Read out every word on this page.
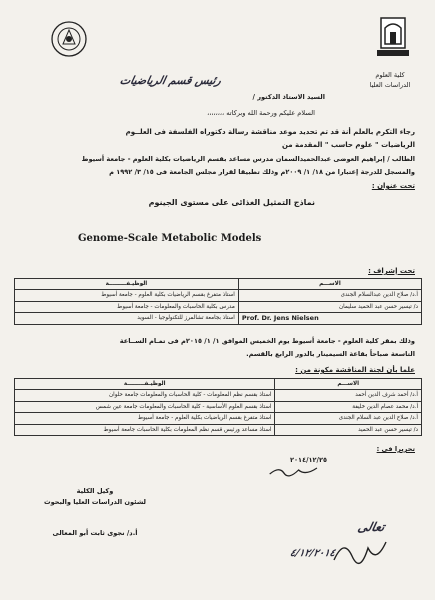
كلية العلوم
الدراسات العليا
السيد الاستاذ الدكتور /
رئيس قسم الرياضيات
السلام عليكم ورحمة الله وبركاته ،،،،،،،،
رجاء التكرم بالعلم أنة قد تم تحديد موعد مناقشة رسالة دكتوراه الفلسفة فى العلــوم
الرياضيات " علوم حاسب " المقدمة من
الطالب / إبراهيم العوضى عبدالحميدالسمان مدرس مساعد بقسم الرياضيات بكلية العلوم - جامعة أسيوط
والمسجل للدرجة إعتبارا من ١٨/ ١/ ٢٠٠٩م وذلك تطبيقا لقرار مجلس الجامعة فى ١٥/ ٣/ ١٩٩٢ م
تحت عنوان :
نماذج التمثيل الغذائى على مستوى الجينوم
Genome-Scale Metabolic Models
تحت إشراف :
الاســـم	الوظيـفـــــــــة
أ.د/ صلاح الدين عبدالسلام الجندى	استاذ متفرغ بقسم الرياضيات بكلية العلوم - جامعة أسيوط
د/ تيسير حسن عبد الحميد سليمان	مدرس بكلية الحاسبات والمعلومات - جامعة أسيوط
Prof. Dr. Jens Nielsen	استاذ بجامعة تشالمرز للتكنولوجيا - السويد
وذلك بمقر كلية العلوم - جامعة أسيوط يوم الخميس الموافق ١/ ١/ ٢٠١٥م فى تمـام الســاعة
التاسعة صباحاً بقاعة السيمينار بالدور الرابع بالقسم.
علما بأن لجنة المناقشة مكونة من :
الاســـم	الوظيـفـــــــــة
أ.د/ أحمد شرف الدين أحمد	استاذ بقسم نظم المعلومات - كلية الحاسبات والمعلومات جامعة حلوان
أ.د/ محمد عصام الدين خليفة	استاذ بقسم العلوم الأساسية - كلية الحاسبات والمعلومات جامعة عين شمس
أ.د/ صلاح الدين عبد السلام الجندى	استاذ متفرغ بقسم الرياضيات بكلية العلوم - جامعة أسيوط
د/ تيسير حسن عبد الحميد	استاذ مساعد ورئيس قسم نظم المعلومات بكلية الحاسبات جامعة أسيوط
تحريرا فى :
٢٠١٤/١٢/٢٥
وكيل الكلية
لشئون الدراسات العليا والبحوث
أ.د/ نجوى ثابت أبو المعالى	تعالى
٤/١٢/٢٠١٤
